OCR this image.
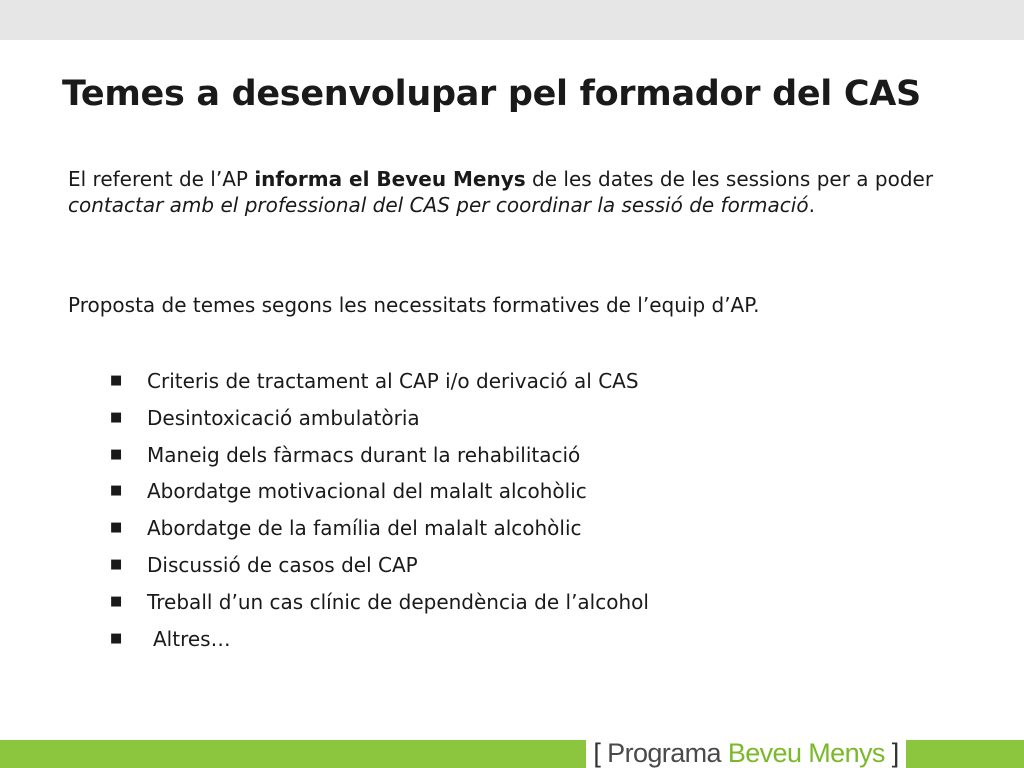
Temes a desenvolupar pel formador del CAS

El referent de l’AP informa el Beveu Menys de les dates de les sessions per a poder contactar amb el professional del CAS per coordinar la sessió de formació.

Proposta de temes segons les necessitats formatives de l’equip d’AP.

■ Criteris de tractament al CAP i/o derivació al CAS
■ Desintoxicació ambulatòria
■ Maneig dels fàrmacs durant la rehabilitació
■ Abordatge motivacional del malalt alcohòlic
■ Abordatge de la família del malalt alcohòlic
■ Discussió de casos del CAP
■ Treball d’un cas clínic de dependència de l’alcohol
■ Altres…
[ Programa Beveu Menys ]
